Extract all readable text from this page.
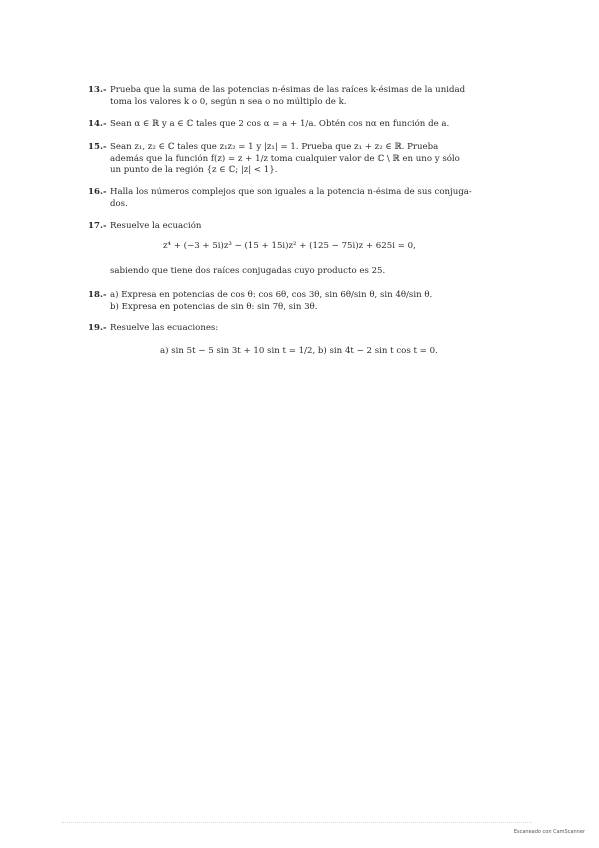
13.- Prueba que la suma de las potencias n-ésimas de las raíces k-ésimas de la unidad
toma los valores k o 0, según n sea o no múltiplo de k.
14.- Sean α ∈ ℝ y a ∈ ℂ tales que 2 cos α = a + 1/a. Obtén cos nα en función de a.
15.- Sean z₁, z₂ ∈ ℂ tales que z₁z₂ = 1 y |z₁| = 1. Prueba que z₁ + z₂ ∈ ℝ. Prueba
además que la función f(z) = z + 1/z toma cualquier valor de ℂ \ ℝ en uno y sólo
un punto de la región {z ∈ ℂ; |z| < 1}.
16.- Halla los números complejos que son iguales a la potencia n-ésima de sus conjuga-
dos.
17.- Resuelve la ecuación
z⁴ + (−3 + 5i)z³ − (15 + 15i)z² + (125 − 75i)z + 625i = 0,
sabiendo que tiene dos raíces conjugadas cuyo producto es 25.
18.- a) Expresa en potencias de cos θ: cos 6θ, cos 3θ, sin 6θ/sin θ, sin 4θ/sin θ.
b) Expresa en potencias de sin θ: sin 7θ, sin 3θ.
19.- Resuelve las ecuaciones:
a) sin 5t − 5 sin 3t + 10 sin t = 1/2, b) sin 4t − 2 sin t cos t = 0.
Escaneado con CamScanner
